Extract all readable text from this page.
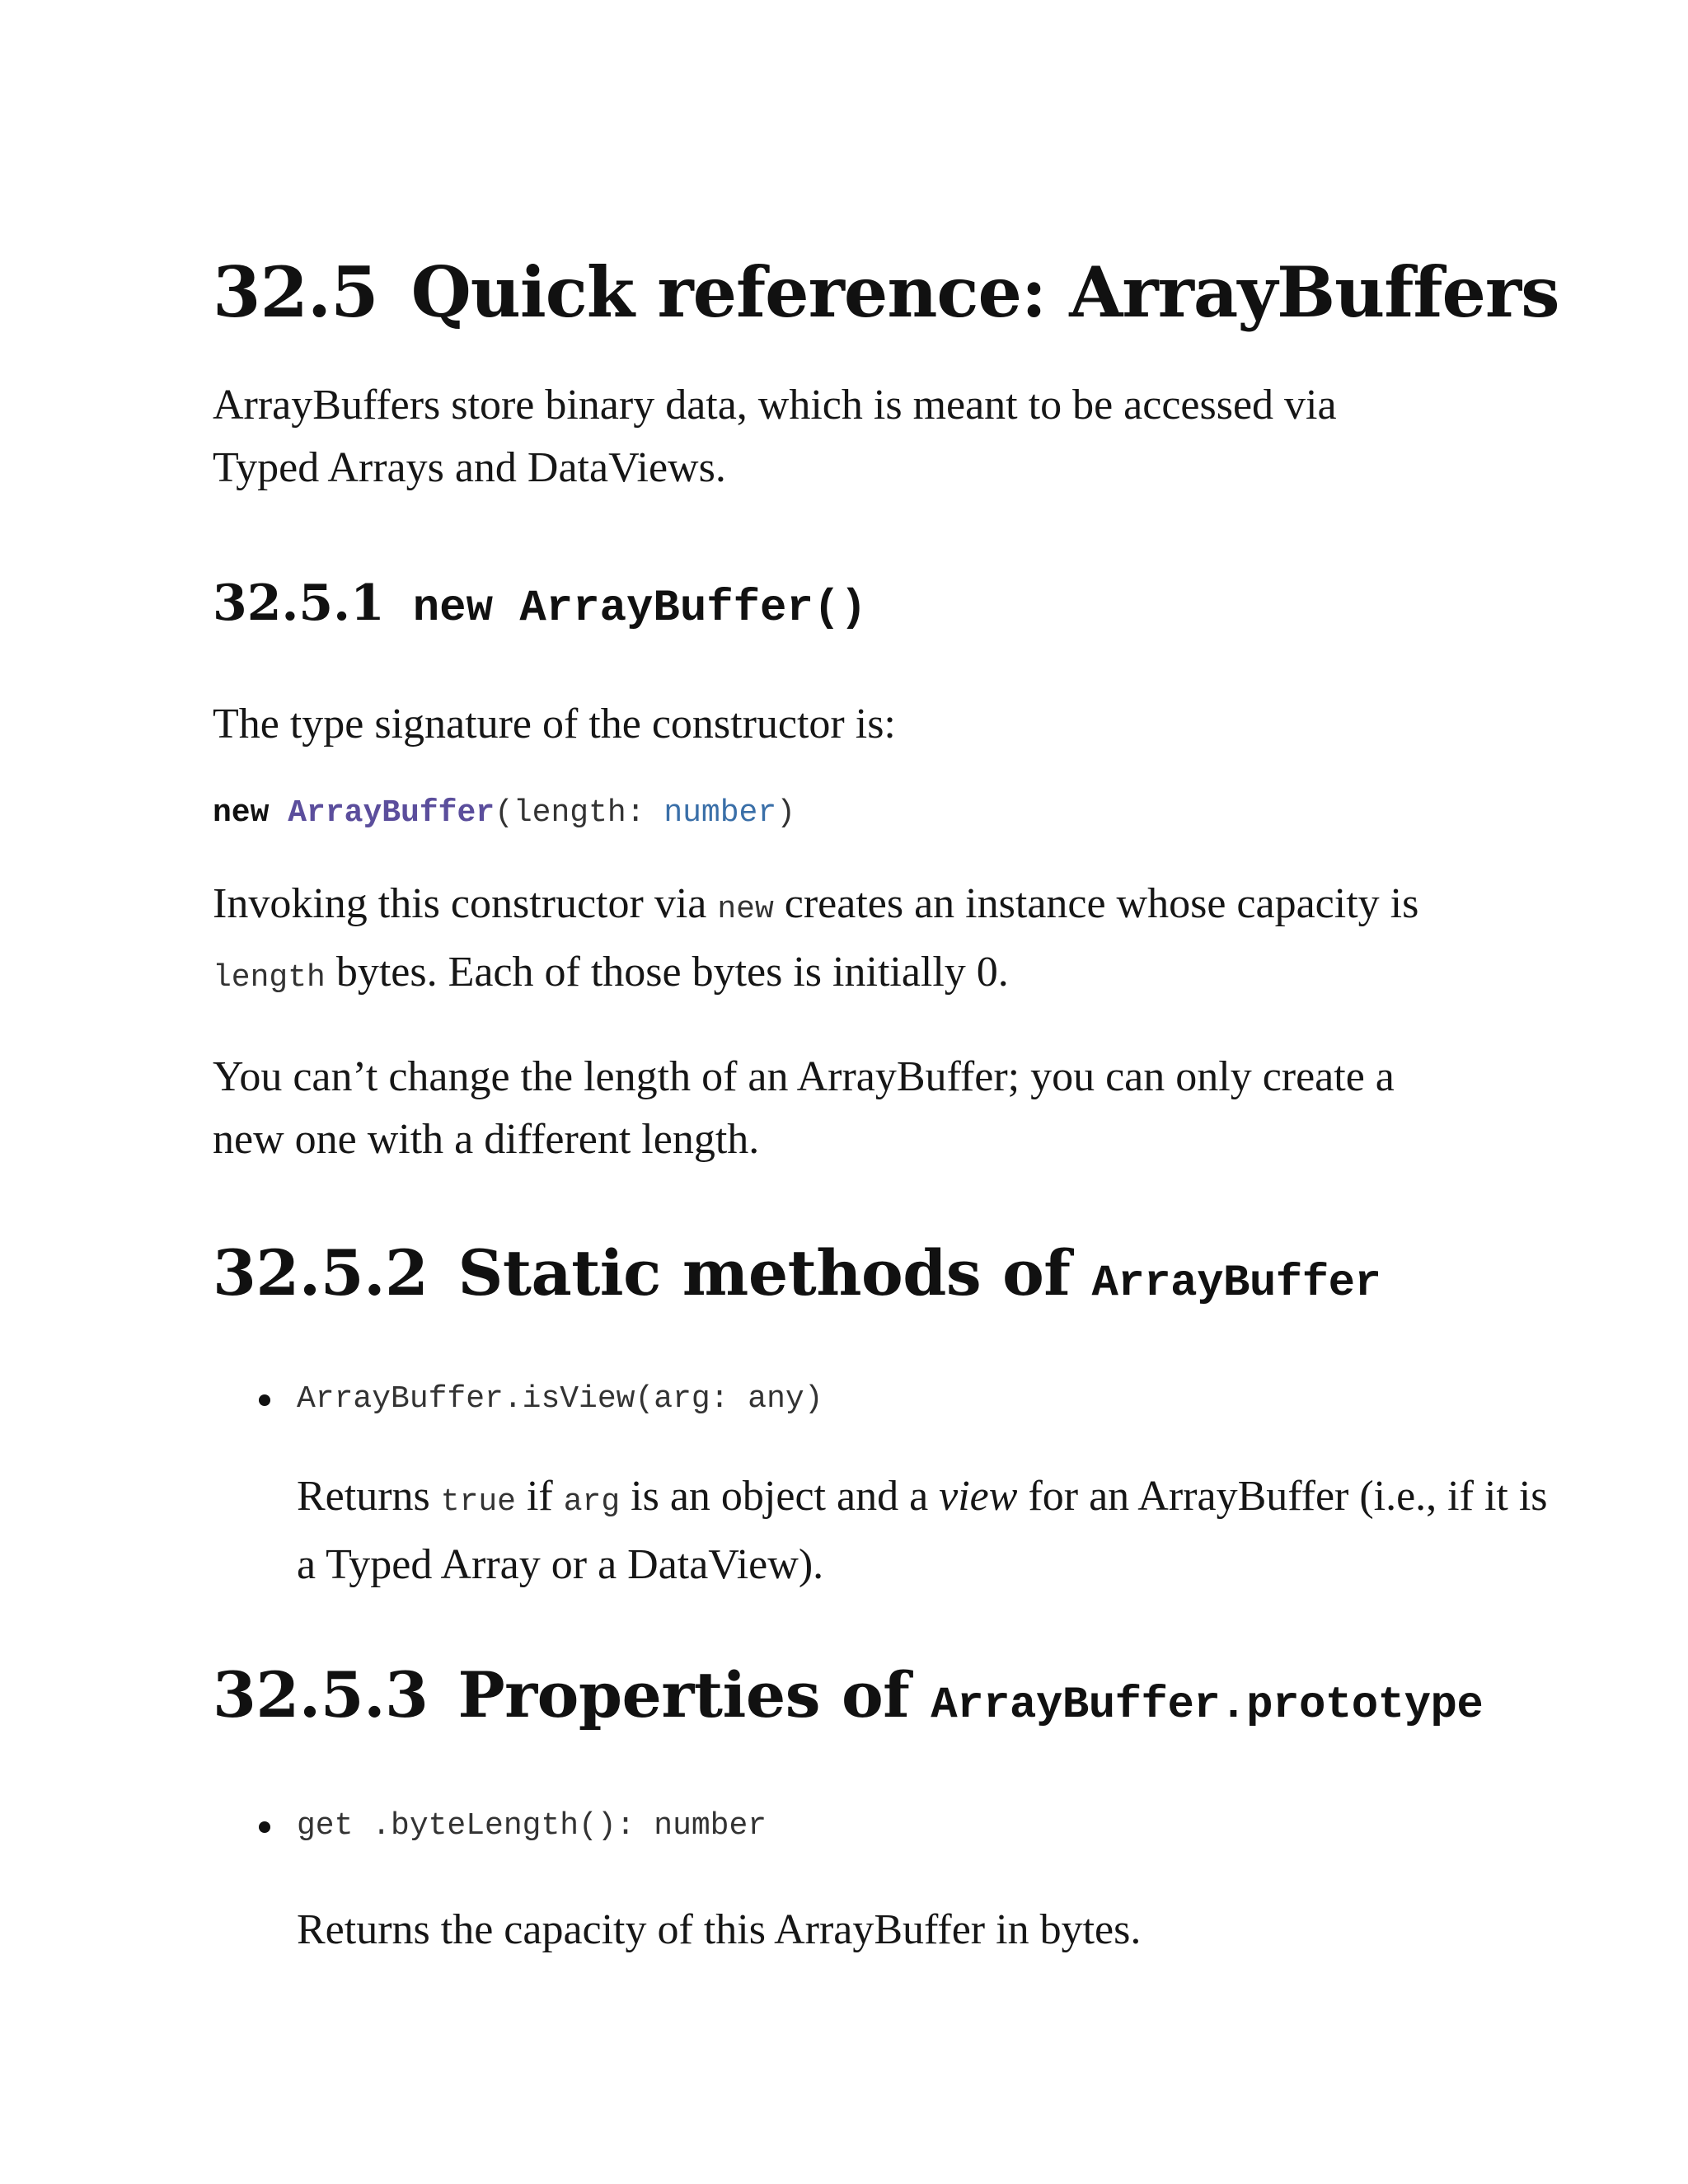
32.5 Quick reference: ArrayBuffers

ArrayBuffers store binary data, which is meant to be accessed via Typed Arrays and DataViews.

32.5.1 new ArrayBuffer()

The type signature of the constructor is:

new ArrayBuffer(length: number)

Invoking this constructor via new creates an instance whose capacity is length bytes. Each of those bytes is initially 0.

You can’t change the length of an ArrayBuffer; you can only create a new one with a different length.

32.5.2 Static methods of ArrayBuffer
ArrayBuffer.isView(arg: any)

Returns true if arg is an object and a view for an ArrayBuffer (i.e., if it is a Typed Array or a DataView).

32.5.3 Properties of ArrayBuffer.prototype
get .byteLength(): number

Returns the capacity of this ArrayBuffer in bytes.
